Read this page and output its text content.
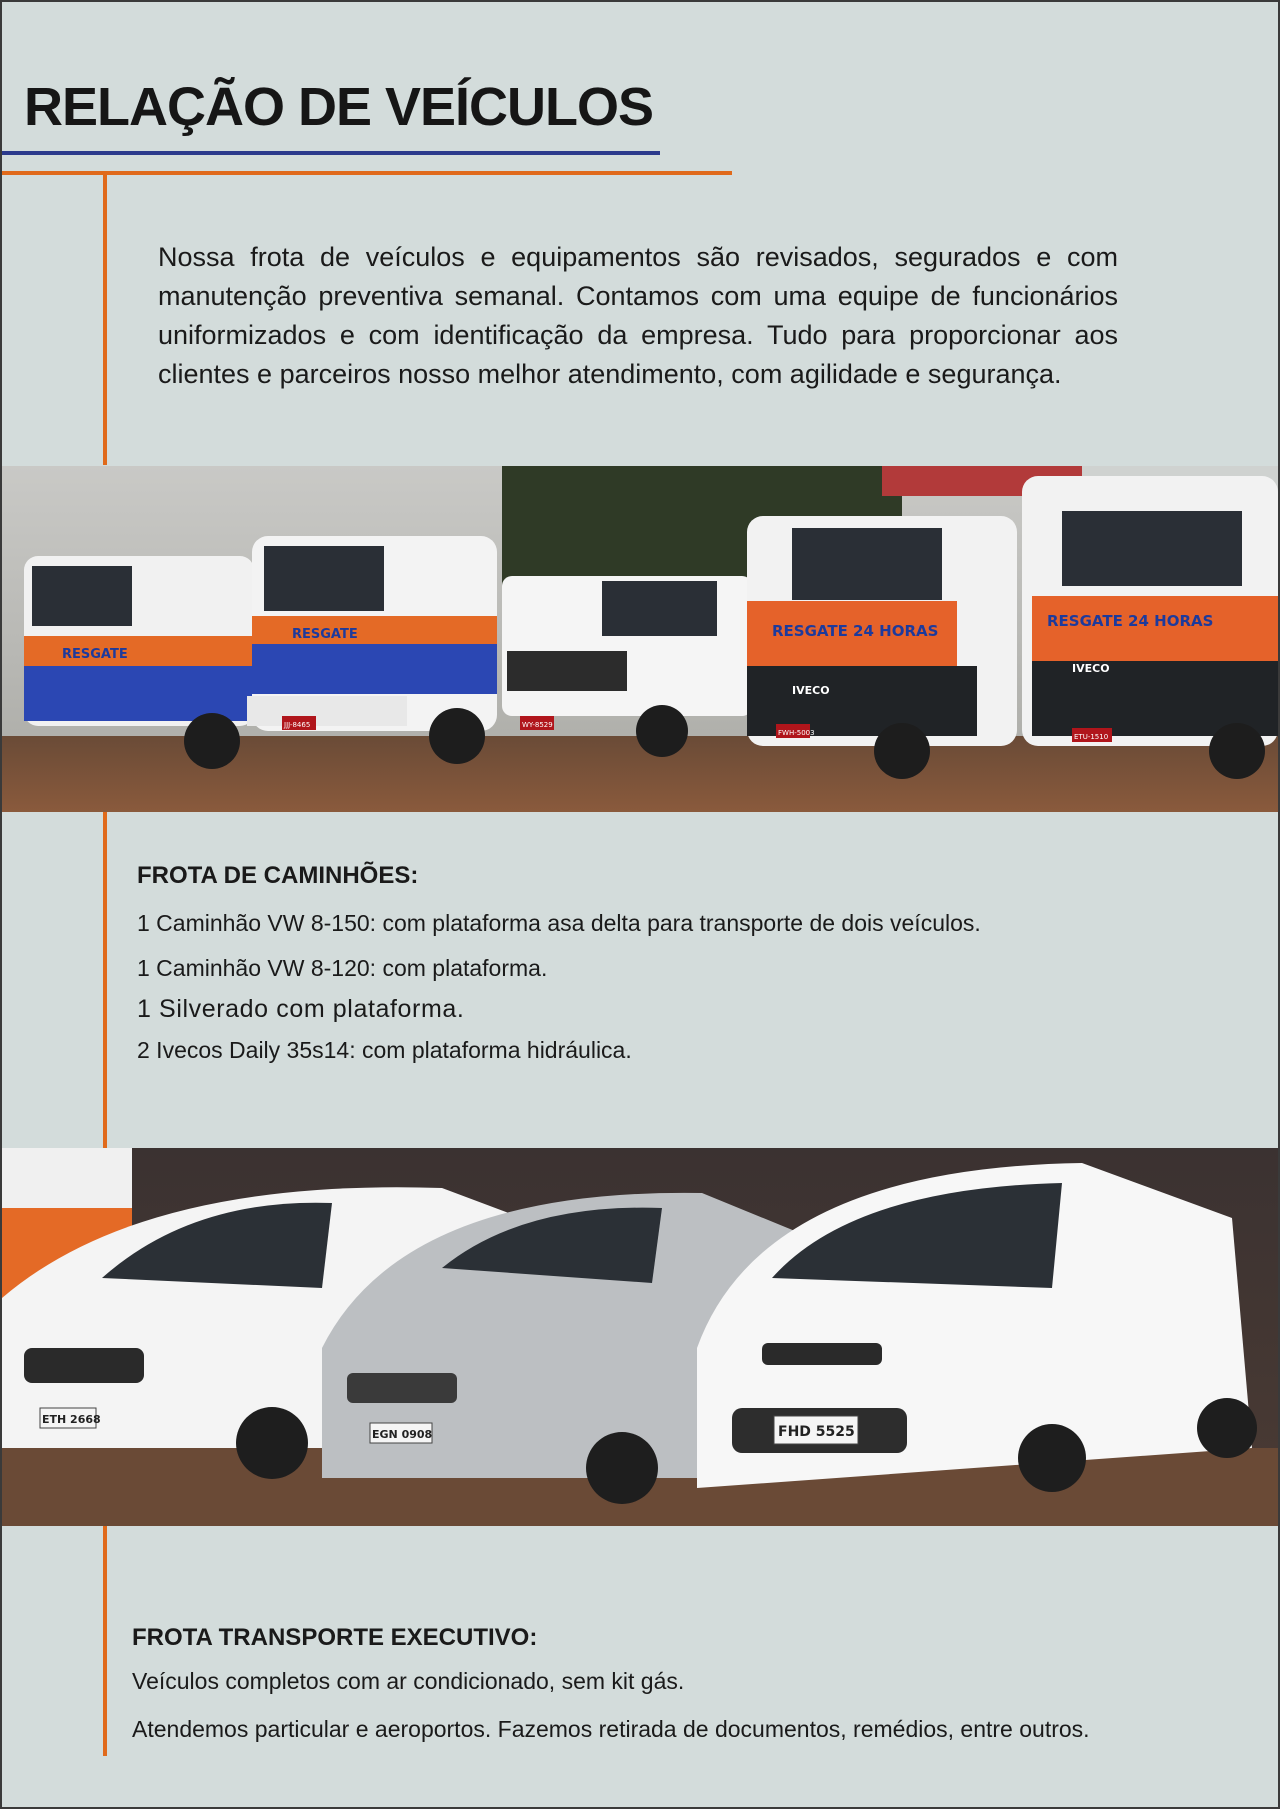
RELAÇÃO DE VEÍCULOS

Nossa frota de veículos e equipamentos são revisados, segurados e com manutenção preventiva semanal. Contamos com uma equipe de funcionários uniformizados e com identificação da empresa. Tudo para proporcionar aos clientes e parceiros nosso melhor atendimento, com agilidade e segurança.

RESGATE
RESGATE	RESGATE 24 HORAS
RESGATE 24 HORAS
IVECO
IVECO
JJJ-8465	WY-8529
FWH-5003	ETU-1510
FROTA DE CAMINHÕES:

1 Caminhão VW 8-150: com plataforma asa delta para transporte de dois veículos.

1 Caminhão VW 8-120: com plataforma.

1 Silverado com plataforma.

2 Ivecos Daily 35s14: com plataforma hidráulica.

ETH 2668
EGN 0908	FHD 5525
FROTA TRANSPORTE EXECUTIVO:

Veículos completos com ar condicionado, sem kit gás.

Atendemos particular e aeroportos. Fazemos retirada de documentos, remédios, entre outros.
